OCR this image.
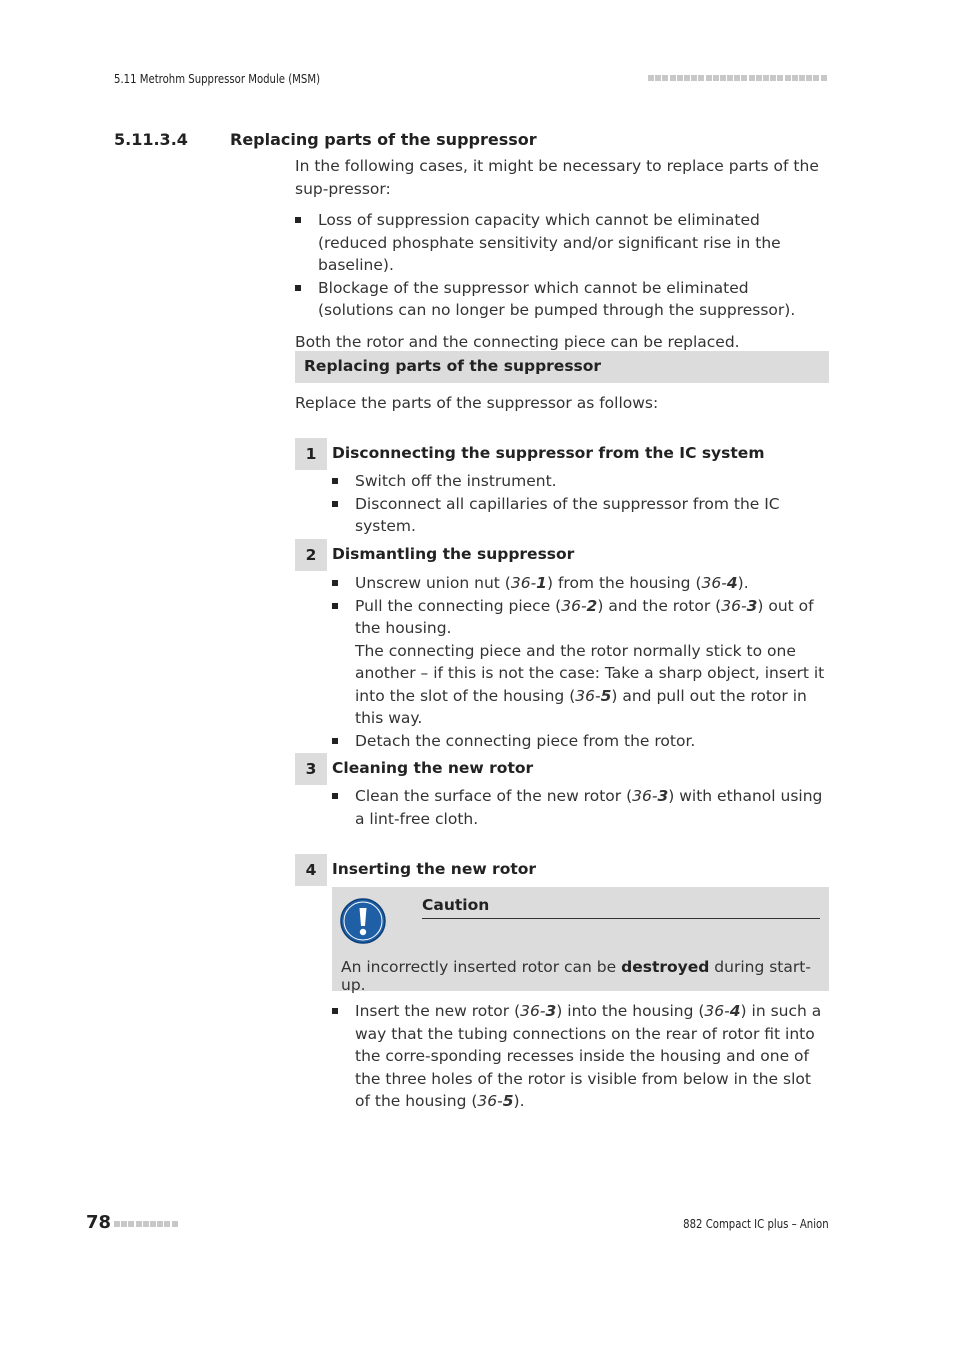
5.11 Metrohm Suppressor Module (MSM)
5.11.3.4	Replacing parts of the suppressor

In the following cases, it might be necessary to replace parts of the sup-pressor:

Loss of suppression capacity which cannot be eliminated (reduced phosphate sensitivity and/or significant rise in the baseline).
Blockage of the suppressor which cannot be eliminated (solutions can no longer be pumped through the suppressor).

Both the rotor and the connecting piece can be replaced.

Replacing parts of the suppressor

Replace the parts of the suppressor as follows:

1	Disconnecting the suppressor from the IC system
Switch off the instrument.
Disconnect all capillaries of the suppressor from the IC system.
2	Dismantling the suppressor
Unscrew union nut (36-1) from the housing (36-4).
Pull the connecting piece (36-2) and the rotor (36-3) out of the housing.
The connecting piece and the rotor normally stick to one another – if this is not the case: Take a sharp object, insert it into the slot of the housing (36-5) and pull out the rotor in this way.
Detach the connecting piece from the rotor.
3	Cleaning the new rotor
Clean the surface of the new rotor (36-3) with ethanol using a lint-free cloth.
4	Inserting the new rotor
Caution
An incorrectly inserted rotor can be destroyed during start-up.
Insert the new rotor (36-3) into the housing (36-4) in such a way that the tubing connections on the rear of rotor fit into the corre-sponding recesses inside the housing and one of the three holes of the rotor is visible from below in the slot of the housing (36-5).
78	882 Compact IC plus – Anion
